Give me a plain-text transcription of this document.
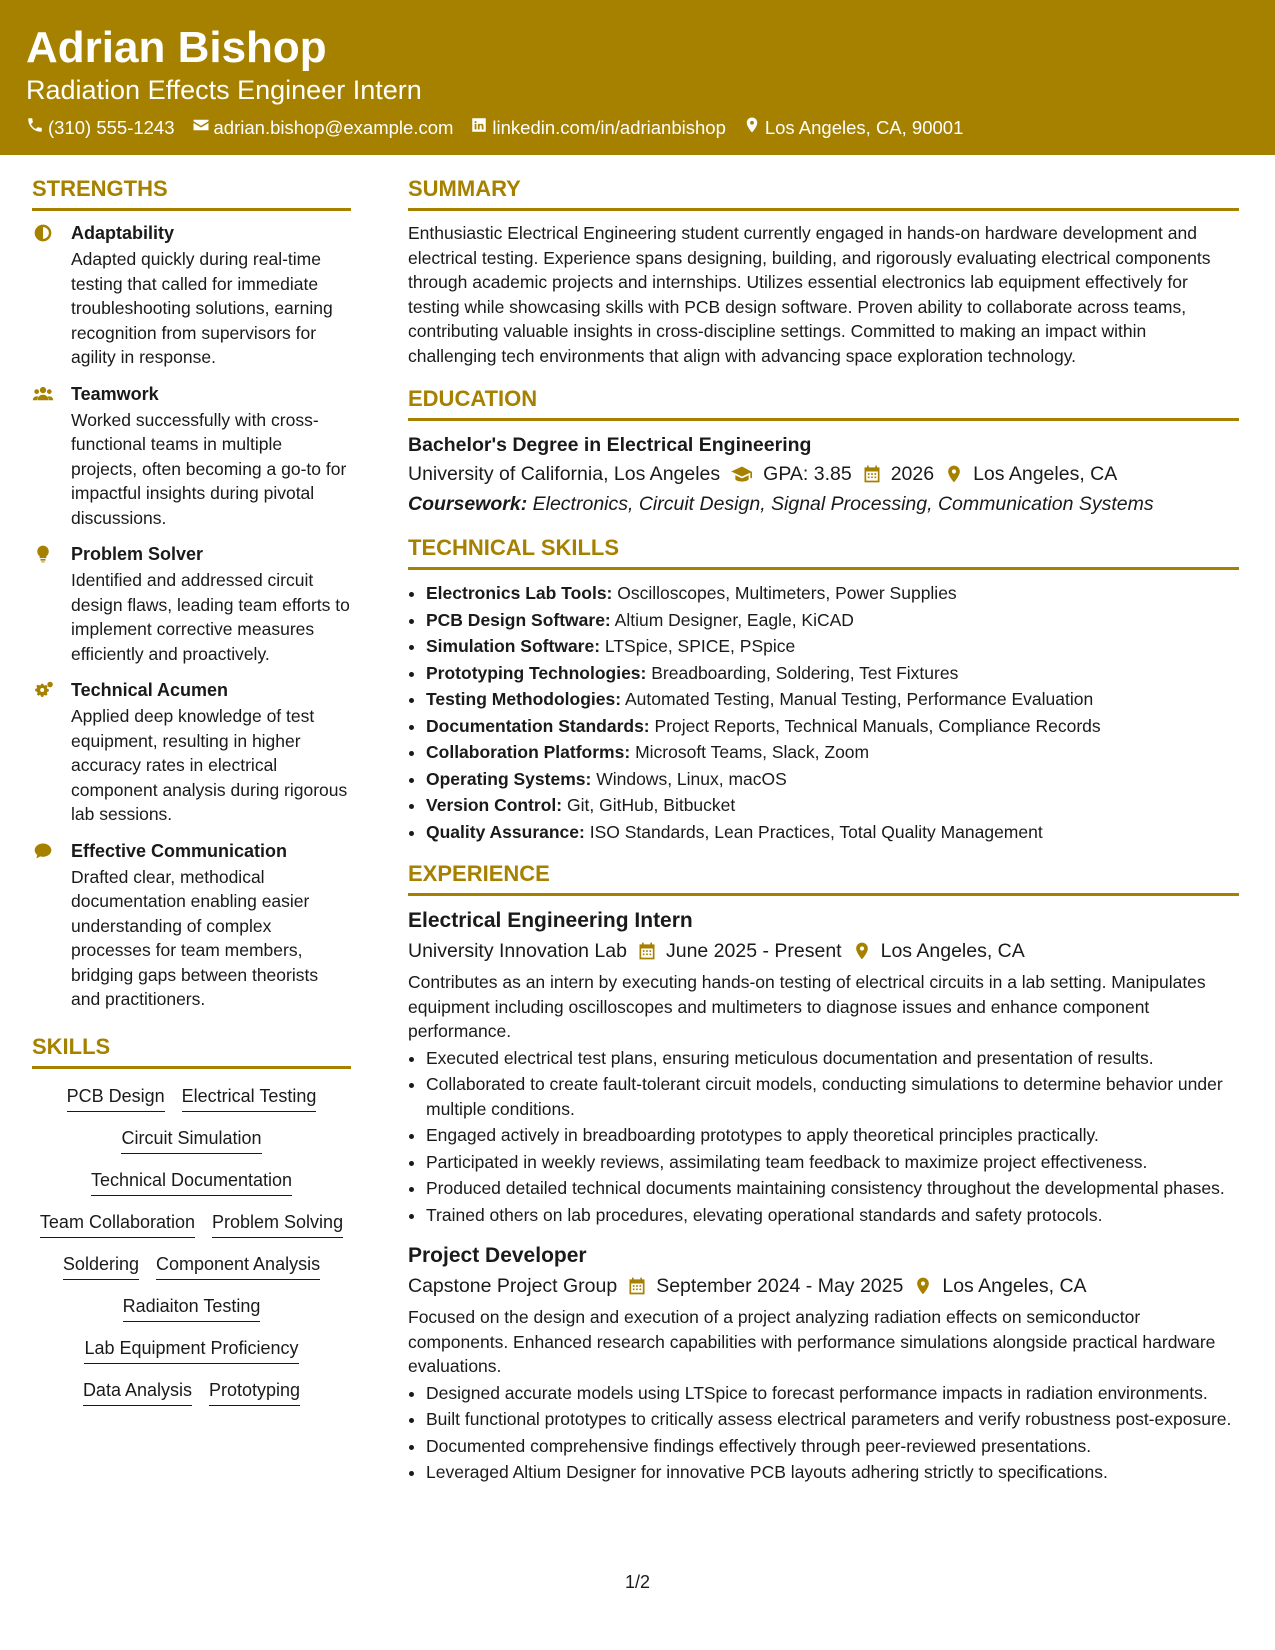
Adrian Bishop
Radiation Effects Engineer Intern
(310) 555-1243 adrian.bishop@example.com linkedin.com/in/adrianbishop Los Angeles, CA, 90001
STRENGTHS
Adaptability
Adapted quickly during real-time testing that called for immediate troubleshooting solutions, earning recognition from supervisors for agility in response.
Teamwork
Worked successfully with cross-functional teams in multiple projects, often becoming a go-to for impactful insights during pivotal discussions.
Problem Solver
Identified and addressed circuit design flaws, leading team efforts to implement corrective measures efficiently and proactively.
Technical Acumen
Applied deep knowledge of test equipment, resulting in higher accuracy rates in electrical component analysis during rigorous lab sessions.
Effective Communication
Drafted clear, methodical documentation enabling easier understanding of complex processes for team members, bridging gaps between theorists and practitioners.
SKILLS
PCB Design Electrical Testing
Circuit Simulation
Technical Documentation
Team Collaboration Problem Solving
Soldering Component Analysis
Radiaiton Testing
Lab Equipment Proficiency
Data Analysis Prototyping
SUMMARY
Enthusiastic Electrical Engineering student currently engaged in hands-on hardware development and electrical testing. Experience spans designing, building, and rigorously evaluating electrical components through academic projects and internships. Utilizes essential electronics lab equipment effectively for testing while showcasing skills with PCB design software. Proven ability to collaborate across teams, contributing valuable insights in cross-discipline settings. Committed to making an impact within challenging tech environments that align with advancing space exploration technology.
EDUCATION
Bachelor's Degree in Electrical Engineering
University of California, Los Angeles GPA: 3.85 2026 Los Angeles, CA
Coursework: Electronics, Circuit Design, Signal Processing, Communication Systems
TECHNICAL SKILLS
• Electronics Lab Tools: Oscilloscopes, Multimeters, Power Supplies
• PCB Design Software: Altium Designer, Eagle, KiCAD
• Simulation Software: LTSpice, SPICE, PSpice
• Prototyping Technologies: Breadboarding, Soldering, Test Fixtures
• Testing Methodologies: Automated Testing, Manual Testing, Performance Evaluation
• Documentation Standards: Project Reports, Technical Manuals, Compliance Records
• Collaboration Platforms: Microsoft Teams, Slack, Zoom
• Operating Systems: Windows, Linux, macOS
• Version Control: Git, GitHub, Bitbucket
• Quality Assurance: ISO Standards, Lean Practices, Total Quality Management
EXPERIENCE
Electrical Engineering Intern
University Innovation Lab June 2025 - Present Los Angeles, CA
Contributes as an intern by executing hands-on testing of electrical circuits in a lab setting. Manipulates equipment including oscilloscopes and multimeters to diagnose issues and enhance component performance.
• Executed electrical test plans, ensuring meticulous documentation and presentation of results.
• Collaborated to create fault-tolerant circuit models, conducting simulations to determine behavior under multiple conditions.
• Engaged actively in breadboarding prototypes to apply theoretical principles practically.
• Participated in weekly reviews, assimilating team feedback to maximize project effectiveness.
• Produced detailed technical documents maintaining consistency throughout the developmental phases.
• Trained others on lab procedures, elevating operational standards and safety protocols.
Project Developer
Capstone Project Group September 2024 - May 2025 Los Angeles, CA
Focused on the design and execution of a project analyzing radiation effects on semiconductor components. Enhanced research capabilities with performance simulations alongside practical hardware evaluations.
• Designed accurate models using LTSpice to forecast performance impacts in radiation environments.
• Built functional prototypes to critically assess electrical parameters and verify robustness post-exposure.
• Documented comprehensive findings effectively through peer-reviewed presentations.
• Leveraged Altium Designer for innovative PCB layouts adhering strictly to specifications.
1/2
